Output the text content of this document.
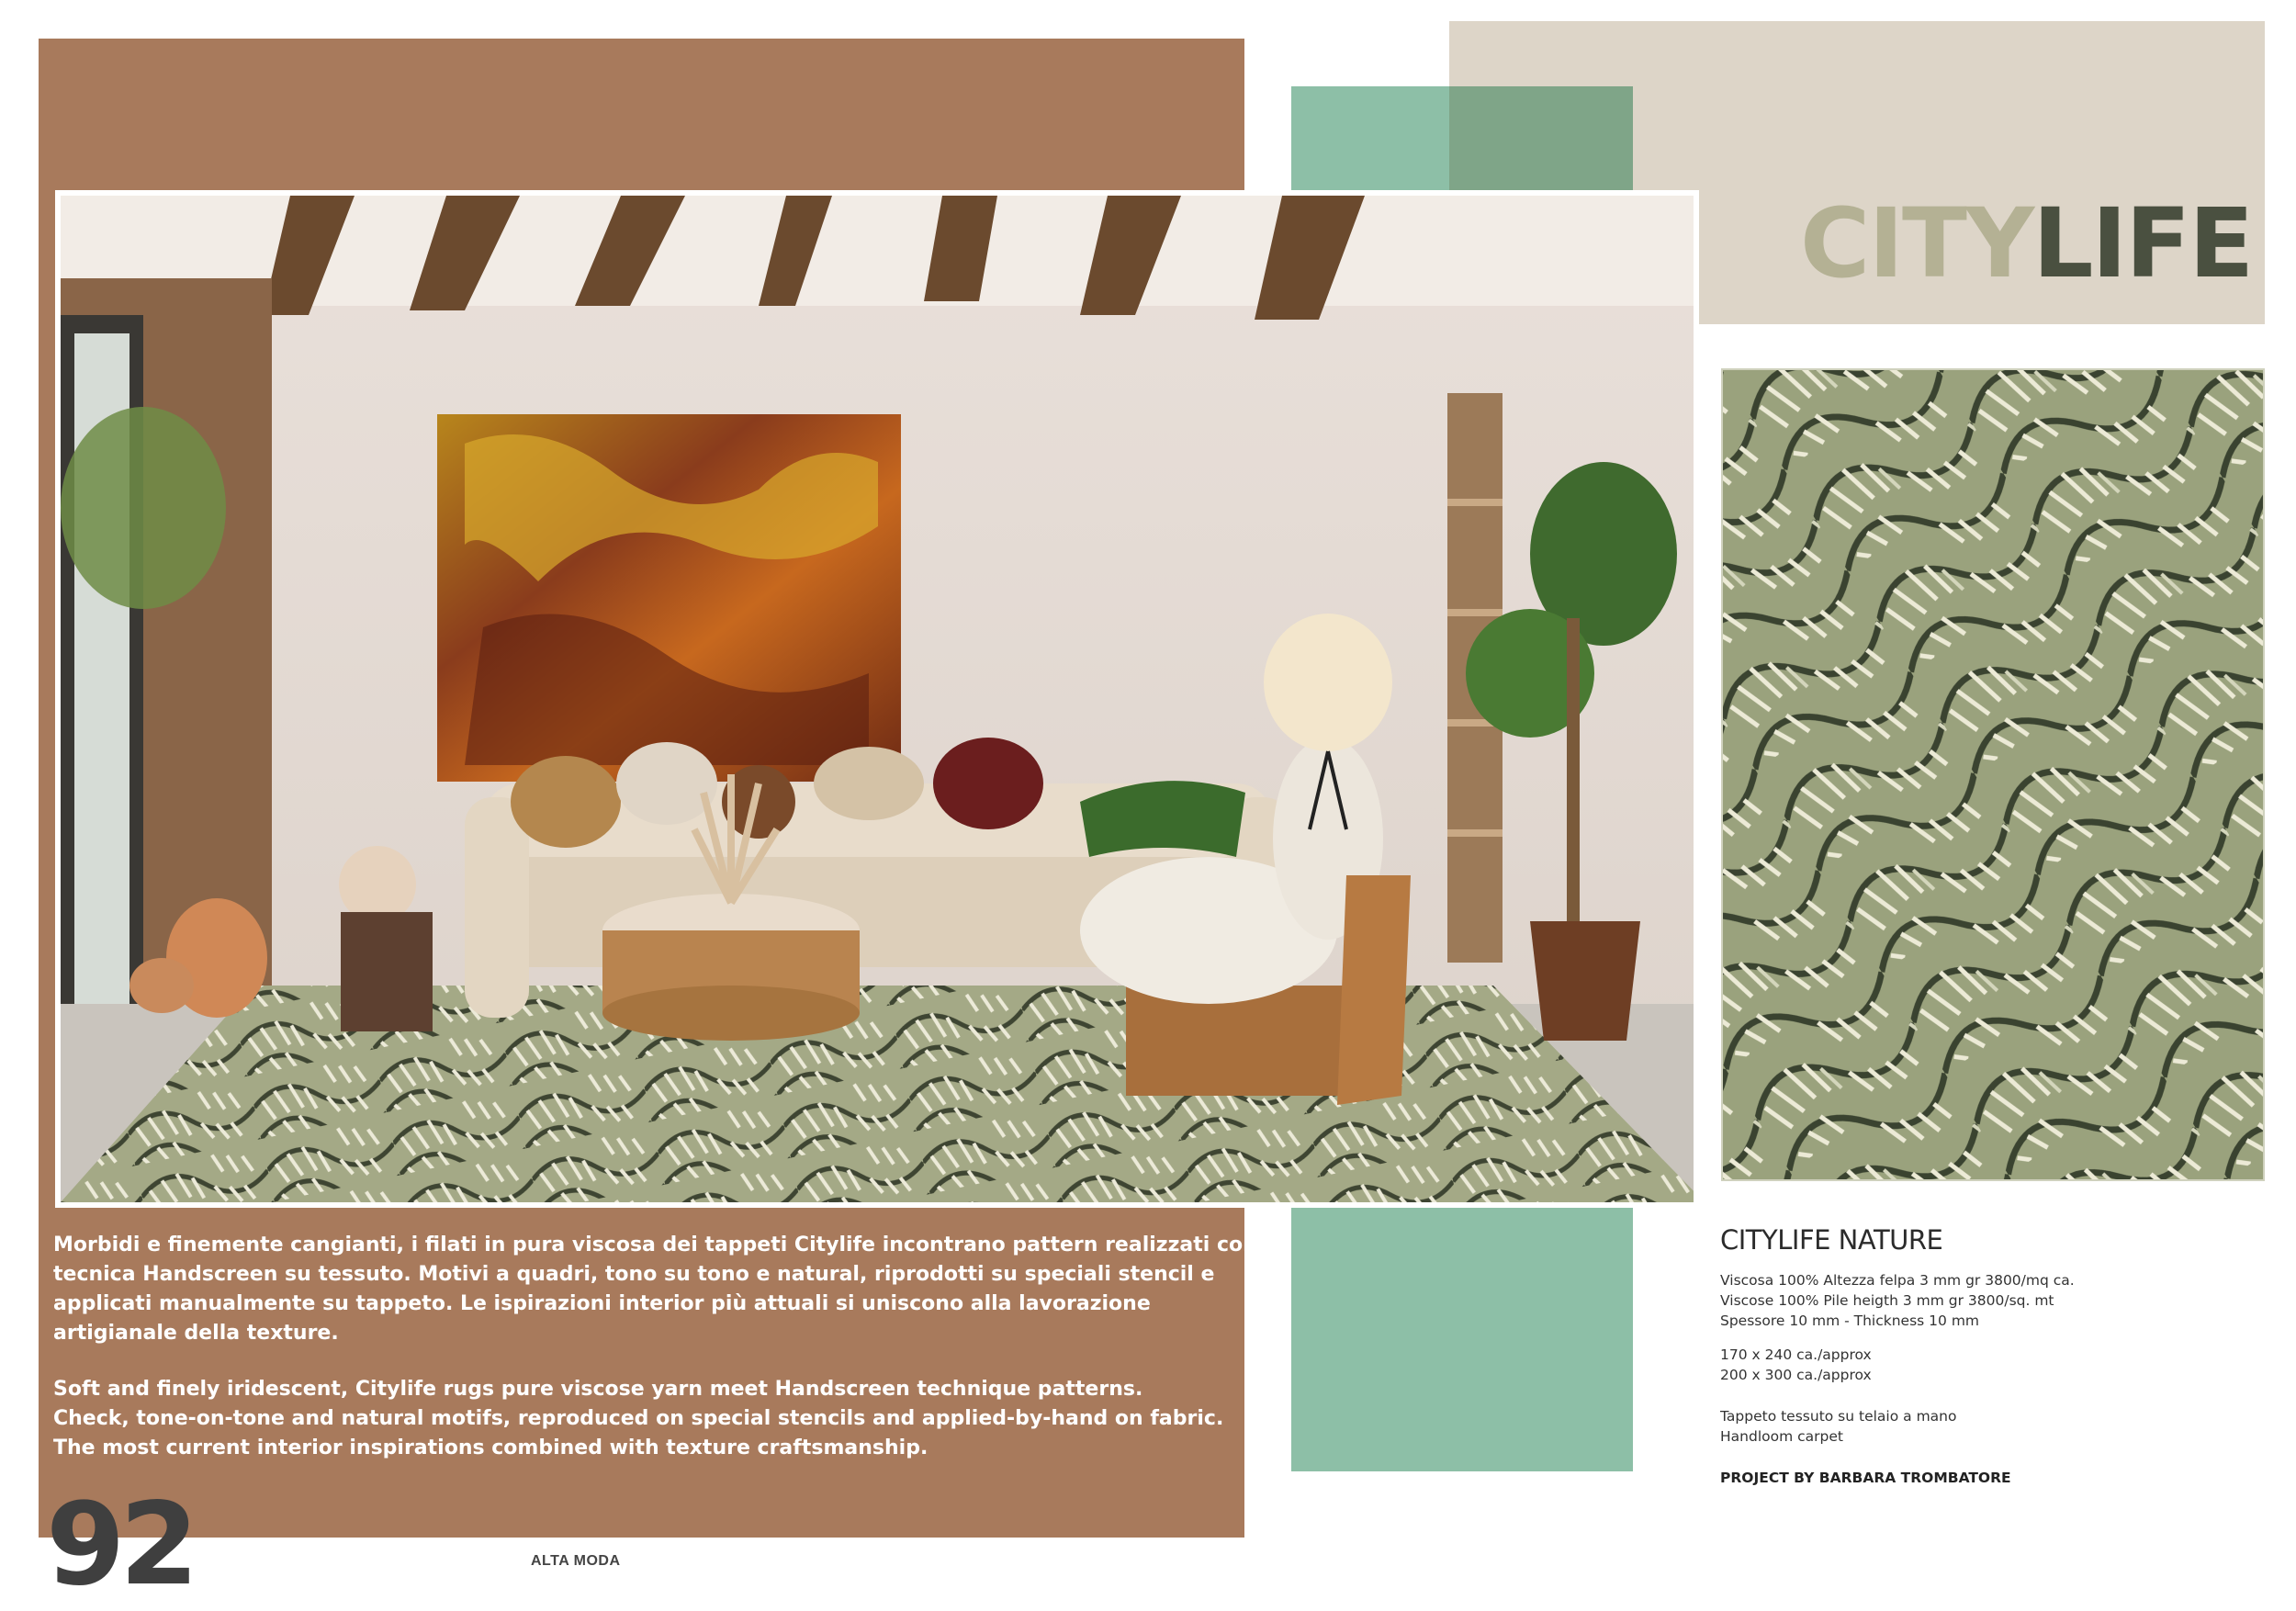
CITYLIFE
Morbidi e finemente cangianti, i filati in pura viscosa dei tappeti Citylife incontrano pattern realizzati con
tecnica Handscreen su tessuto. Motivi a quadri, tono su tono e natural, riprodotti su speciali stencil e
applicati manualmente su tappeto. Le ispirazioni interior più attuali si uniscono alla lavorazione
artigianale della texture.
Soft and finely iridescent, Citylife rugs pure viscose yarn meet Handscreen technique patterns.
Check, tone-on-tone and natural motifs, reproduced on special stencils and applied-by-hand on fabric.
The most current interior inspirations combined with texture craftsmanship.
CITYLIFE NATURE
Viscosa 100% Altezza felpa 3 mm gr 3800/mq ca.
Viscose 100% Pile heigth 3 mm gr 3800/sq. mt
Spessore 10 mm - Thickness 10 mm
170 x 240 ca./approx
200 x 300 ca./approx
Tappeto tessuto su telaio a mano
Handloom carpet
PROJECT BY BARBARA TROMBATORE
92	ALTA MODA
